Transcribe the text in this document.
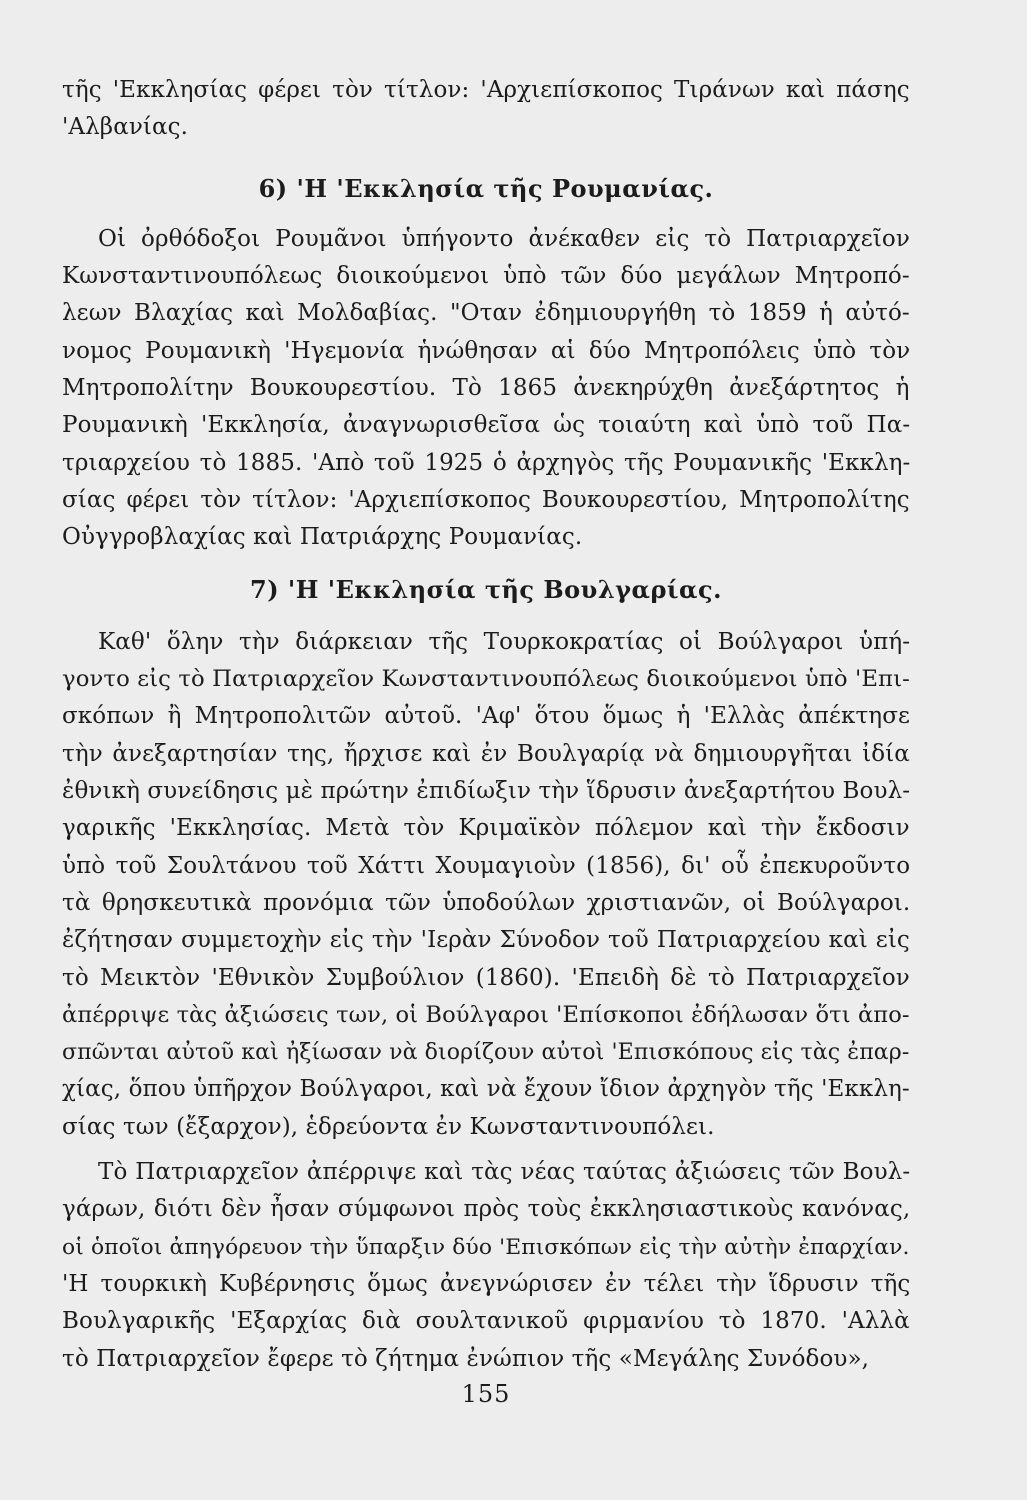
τῆς 'Εκκλησίας φέρει τὸν τίτλον: 'Αρχιεπίσκοπος Τιράνων καὶ πάσης
'Αλβανίας.

6) 'Η 'Εκκλησία τῆς Ρουμανίας.

Οἱ ὀρθόδοξοι Ρουμᾶνοι ὑπήγοντο ἀνέκαθεν εἰς τὸ Πατριαρχεῖον
Κωνσταντινουπόλεως διοικούμενοι ὑπὸ τῶν δύο μεγάλων Μητροπό-
λεων Βλαχίας καὶ Μολδαβίας. "Οταν ἐδημιουργήθη τὸ 1859 ἡ αὐτό-
νομος Ρουμανικὴ 'Ηγεμονία ἡνώθησαν αἱ δύο Μητροπόλεις ὑπὸ τὸν
Μητροπολίτην Βουκουρεστίου. Τὸ 1865 ἀνεκηρύχθη ἀνεξάρτητος ἡ
Ρουμανικὴ 'Εκκλησία, ἀναγνωρισθεῖσα ὡς τοιαύτη καὶ ὑπὸ τοῦ Πα-
τριαρχείου τὸ 1885. 'Απὸ τοῦ 1925 ὁ ἀρχηγὸς τῆς Ρουμανικῆς 'Εκκλη-
σίας φέρει τὸν τίτλον: 'Αρχιεπίσκοπος Βουκουρεστίου, Μητροπολίτης
Οὐγγροβλαχίας καὶ Πατριάρχης Ρουμανίας.

7) 'Η 'Εκκλησία τῆς Βουλγαρίας.

Καθ' ὅλην τὴν διάρκειαν τῆς Τουρκοκρατίας οἱ Βούλγαροι ὑπή-
γοντο εἰς τὸ Πατριαρχεῖον Κωνσταντινουπόλεως διοικούμενοι ὑπὸ 'Επι-
σκόπων ἢ Μητροπολιτῶν αὐτοῦ. 'Αφ' ὅτου ὅμως ἡ 'Ελλὰς ἀπέκτησε
τὴν ἀνεξαρτησίαν της, ἤρχισε καὶ ἐν Βουλγαρίᾳ νὰ δημιουργῆται ἰδία
ἐθνικὴ συνείδησις μὲ πρώτην ἐπιδίωξιν τὴν ἵδρυσιν ἀνεξαρτήτου Βουλ-
γαρικῆς 'Εκκλησίας. Μετὰ τὸν Κριμαϊκὸν πόλεμον καὶ τὴν ἔκδοσιν
ὑπὸ τοῦ Σουλτάνου τοῦ Χάττι Χουμαγιοὺν (1856), δι' οὗ ἐπεκυροῦντο
τὰ θρησκευτικὰ προνόμια τῶν ὑποδούλων χριστιανῶν, οἱ Βούλγαροι.
ἐζήτησαν συμμετοχὴν εἰς τὴν 'Ιερὰν Σύνοδον τοῦ Πατριαρχείου καὶ εἰς
τὸ Μεικτὸν 'Εθνικὸν Συμβούλιον (1860). 'Επειδὴ δὲ τὸ Πατριαρχεῖον
ἀπέρριψε τὰς ἀξιώσεις των, οἱ Βούλγαροι 'Επίσκοποι ἐδήλωσαν ὅτι ἀπο-
σπῶνται αὐτοῦ καὶ ἠξίωσαν νὰ διορίζουν αὐτοὶ 'Επισκόπους εἰς τὰς ἐπαρ-
χίας, ὅπου ὑπῆρχον Βούλγαροι, καὶ νὰ ἔχουν ἴδιον ἀρχηγὸν τῆς 'Εκκλη-
σίας των (ἔξαρχον), ἑδρεύοντα ἐν Κωνσταντινουπόλει.

Τὸ Πατριαρχεῖον ἀπέρριψε καὶ τὰς νέας ταύτας ἀξιώσεις τῶν Βουλ-
γάρων, διότι δὲν ἦσαν σύμφωνοι πρὸς τοὺς ἐκκλησιαστικοὺς κανόνας,
οἱ ὁποῖοι ἀπηγόρευον τὴν ὕπαρξιν δύο 'Επισκόπων εἰς τὴν αὐτὴν ἐπαρχίαν.
'Η τουρκικὴ Κυβέρνησις ὅμως ἀνεγνώρισεν ἐν τέλει τὴν ἵδρυσιν τῆς
Βουλγαρικῆς 'Εξαρχίας διὰ σουλτανικοῦ φιρμανίου τὸ 1870. 'Αλλὰ
τὸ Πατριαρχεῖον ἔφερε τὸ ζήτημα ἐνώπιον τῆς «Μεγάλης Συνόδου»,

155
